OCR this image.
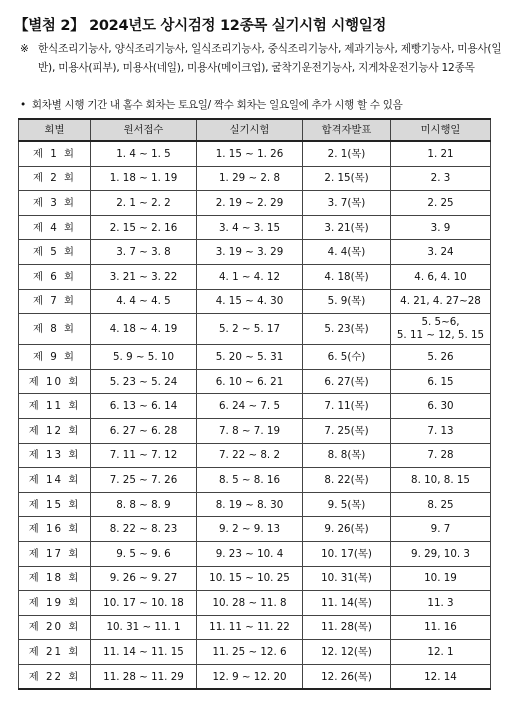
【별첨 2】 2024년도 상시검정 12종목 실기시험 시행일정
※ 한식조리기능사, 양식조리기능사, 일식조리기능사, 중식조리기능사, 제과기능사, 제빵기능사, 미용사(일반), 미용사(피부), 미용사(네일), 미용사(메이크업), 굴착기운전기능사, 지게차운전기능사 12종목
• 회차별 시행 기간 내 홀수 회차는 토요일/ 짝수 회차는 일요일에 추가 시행 할 수 있음
회별	원서접수	실기시험	합격자발표	미시행일
제 1 회	1. 4 ~ 1. 5	1. 15 ~ 1. 26	2. 1(목)	1. 21
제 2 회	1. 18 ~ 1. 19	1. 29 ~ 2. 8	2. 15(목)	2. 3
제 3 회	2. 1 ~ 2. 2	2. 19 ~ 2. 29	3. 7(목)	2. 25
제 4 회	2. 15 ~ 2. 16	3. 4 ~ 3. 15	3. 21(목)	3. 9
제 5 회	3. 7 ~ 3. 8	3. 19 ~ 3. 29	4. 4(목)	3. 24
제 6 회	3. 21 ~ 3. 22	4. 1 ~ 4. 12	4. 18(목)	4. 6, 4. 10
제 7 회	4. 4 ~ 4. 5	4. 15 ~ 4. 30	5. 9(목)	4. 21, 4. 27~28
제 8 회	4. 18 ~ 4. 19	5. 2 ~ 5. 17	5. 23(목)	5. 5~6,
5. 11 ~ 12, 5. 15
제 9 회	5. 9 ~ 5. 10	5. 20 ~ 5. 31	6. 5(수)	5. 26
제 10 회	5. 23 ~ 5. 24	6. 10 ~ 6. 21	6. 27(목)	6. 15
제 11 회	6. 13 ~ 6. 14	6. 24 ~ 7. 5	7. 11(목)	6. 30
제 12 회	6. 27 ~ 6. 28	7. 8 ~ 7. 19	7. 25(목)	7. 13
제 13 회	7. 11 ~ 7. 12	7. 22 ~ 8. 2	8. 8(목)	7. 28
제 14 회	7. 25 ~ 7. 26	8. 5 ~ 8. 16	8. 22(목)	8. 10, 8. 15
제 15 회	8. 8 ~ 8. 9	8. 19 ~ 8. 30	9. 5(목)	8. 25
제 16 회	8. 22 ~ 8. 23	9. 2 ~ 9. 13	9. 26(목)	9. 7
제 17 회	9. 5 ~ 9. 6	9. 23 ~ 10. 4	10. 17(목)	9. 29, 10. 3
제 18 회	9. 26 ~ 9. 27	10. 15 ~ 10. 25	10. 31(목)	10. 19
제 19 회	10. 17 ~ 10. 18	10. 28 ~ 11. 8	11. 14(목)	11. 3
제 20 회	10. 31 ~ 11. 1	11. 11 ~ 11. 22	11. 28(목)	11. 16
제 21 회	11. 14 ~ 11. 15	11. 25 ~ 12. 6	12. 12(목)	12. 1
제 22 회	11. 28 ~ 11. 29	12. 9 ~ 12. 20	12. 26(목)	12. 14
